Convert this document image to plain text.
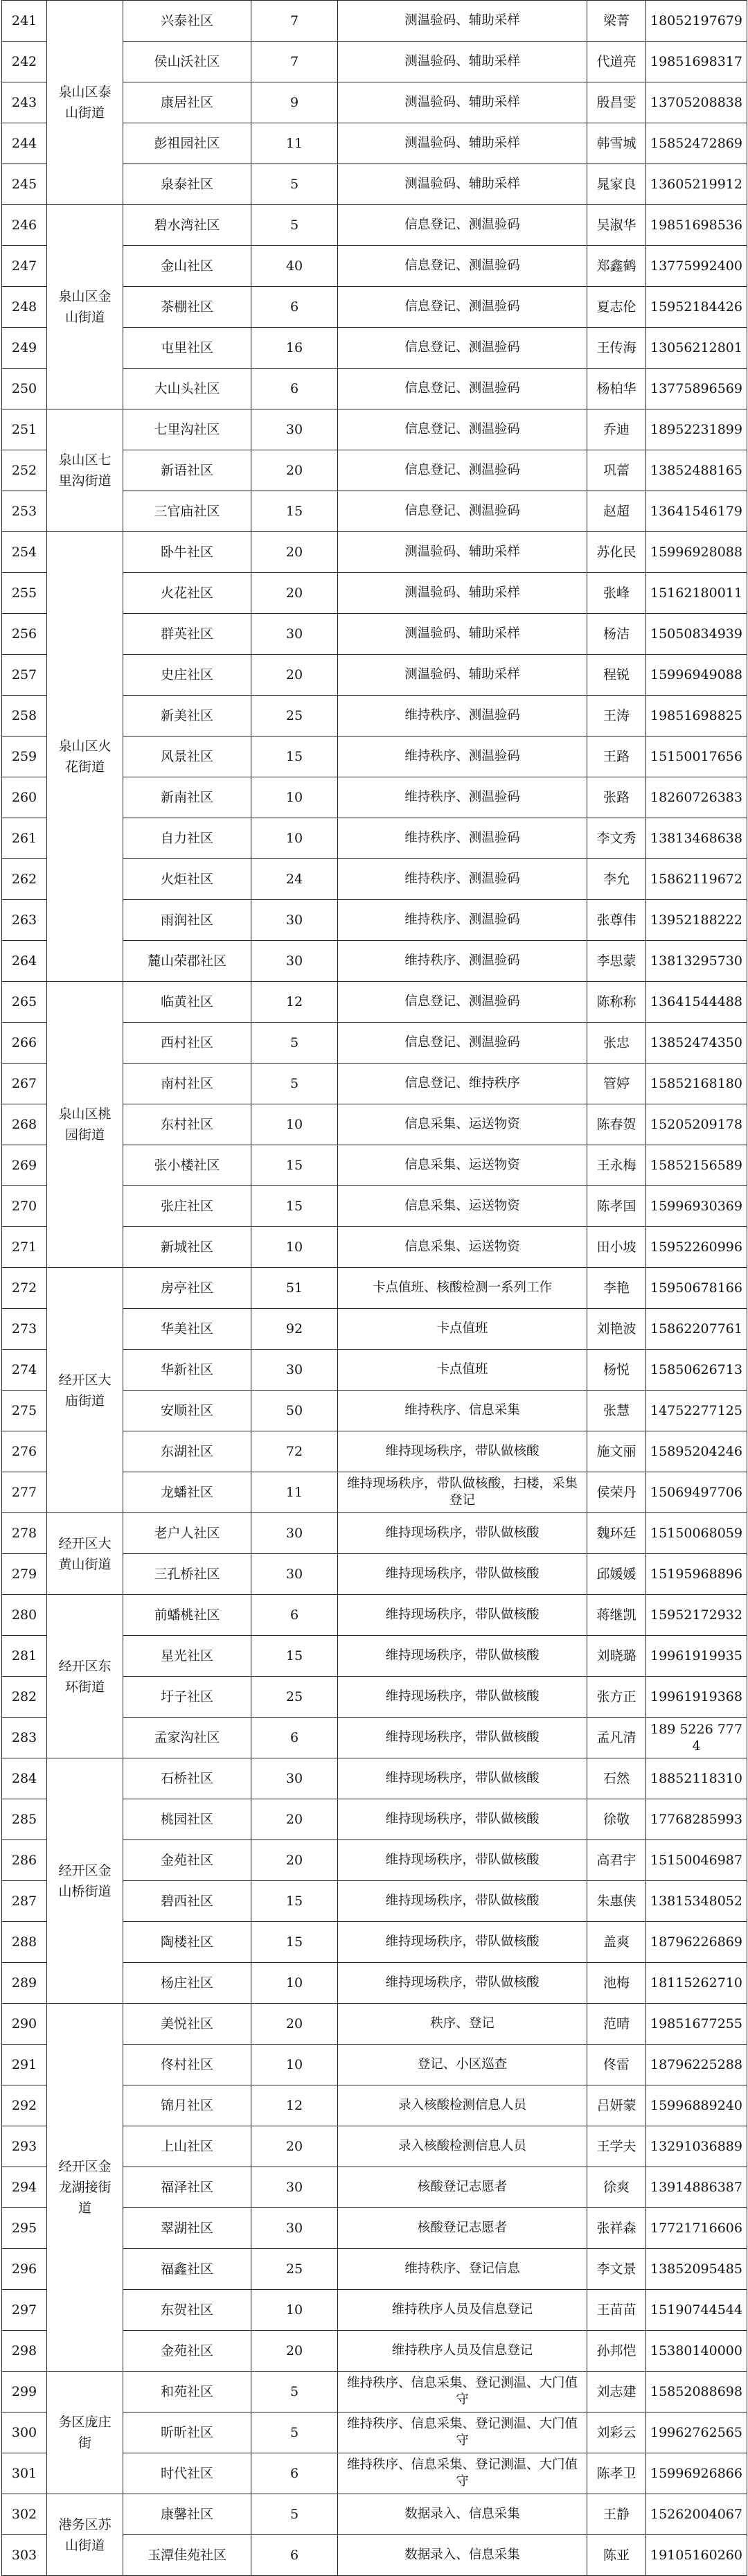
241	泉山区泰山街道	兴泰社区	7	测温验码、辅助采样	梁菁	18052197679
242		侯山沃社区	7	测温验码、辅助采样	代道亮	19851698317
243		康居社区	9	测温验码、辅助采样	殷昌雯	13705208838
244		彭祖园社区	11	测温验码、辅助采样	韩雪城	15852472869
245		泉泰社区	5	测温验码、辅助采样	晁家良	13605219912
246	泉山区金山街道	碧水湾社区	5	信息登记、测温验码	吴淑华	19851698536
247		金山社区	40	信息登记、测温验码	郑鑫鹤	13775992400
248		茶棚社区	6	信息登记、测温验码	夏志伦	15952184426
249		屯里社区	16	信息登记、测温验码	王传海	13056212801
250		大山头社区	6	信息登记、测温验码	杨柏华	13775896569
251	泉山区七里沟街道	七里沟社区	30	信息登记、测温验码	乔迪	18952231899
252		新语社区	20	信息登记、测温验码	巩蕾	13852488165
253		三官庙社区	15	信息登记、测温验码	赵超	13641546179
254	泉山区火花街道	卧牛社区	20	测温验码、辅助采样	苏化民	15996928088
255		火花社区	20	测温验码、辅助采样	张峰	15162180011
256		群英社区	30	测温验码、辅助采样	杨洁	15050834939
257		史庄社区	20	测温验码、辅助采样	程锐	15996949088
258		新美社区	25	维持秩序、测温验码	王涛	19851698825
259		风景社区	15	维持秩序、测温验码	王路	15150017656
260		新南社区	10	维持秩序、测温验码	张路	18260726383
261		自力社区	10	维持秩序、测温验码	李文秀	13813468638
262		火炬社区	24	维持秩序、测温验码	李允	15862119672
263		雨润社区	30	维持秩序、测温验码	张尊伟	13952188222
264		麓山荣郡社区	30	维持秩序、测温验码	李思蒙	13813295730
265	泉山区桃园街道	临黄社区	12	信息登记、测温验码	陈称称	13641544488
266		西村社区	5	信息登记、测温验码	张忠	13852474350
267		南村社区	5	信息登记、维持秩序	管婷	15852168180
268		东村社区	10	信息采集、运送物资	陈春贺	15205209178
269		张小楼社区	15	信息采集、运送物资	王永梅	15852156589
270		张庄社区	15	信息采集、运送物资	陈孝国	15996930369
271		新城社区	10	信息采集、运送物资	田小坡	15952260996
272	经开区大庙街道	房亭社区	51	卡点值班、核酸检测一系列工作	李艳	15950678166
273		华美社区	92	卡点值班	刘艳波	15862207761
274		华新社区	30	卡点值班	杨悦	15850626713
275		安顺社区	50	维持秩序、信息采集	张慧	14752277125
276		东湖社区	72	维持现场秩序，带队做核酸	施文丽	15895204246
277		龙蟠社区	11	维持现场秩序，带队做核酸，扫楼，采集登记	侯荣丹	15069497706
278	经开区大黄山街道	老户人社区	30	维持现场秩序，带队做核酸	魏环廷	15150068059
279		三孔桥社区	30	维持现场秩序，带队做核酸	邱媛媛	15195968896
280	经开区东环街道	前蟠桃社区	6	维持现场秩序，带队做核酸	蒋继凯	15952172932
281		星光社区	15	维持现场秩序，带队做核酸	刘晓璐	19961919935
282		圩子社区	25	维持现场秩序，带队做核酸	张方正	19961919368
283		孟家沟社区	6	维持现场秩序，带队做核酸	孟凡清	189 5226 7774
284	经开区金山桥街道	石桥社区	30	维持现场秩序，带队做核酸	石然	18852118310
285		桃园社区	20	维持现场秩序，带队做核酸	徐敬	17768285993
286		金苑社区	20	维持现场秩序，带队做核酸	高君宇	15150046987
287		碧西社区	15	维持现场秩序，带队做核酸	朱惠侠	13815348052
288		陶楼社区	15	维持现场秩序，带队做核酸	盖爽	18796226869
289		杨庄社区	10	维持现场秩序，带队做核酸	池梅	18115262710
290	经开区金龙湖接街道	美悦社区	20	秩序、登记	范晴	19851677255
291		佟村社区	10	登记、小区巡查	佟雷	18796225288
292		锦月社区	12	录入核酸检测信息人员	吕妍蒙	15996889240
293		上山社区	20	录入核酸检测信息人员	王学夫	13291036889
294		福泽社区	30	核酸登记志愿者	徐爽	13914886387
295		翠湖社区	30	核酸登记志愿者	张祥森	17721716606
296		福鑫社区	25	维持秩序、登记信息	李文景	13852095485
297		东贺社区	10	维持秩序人员及信息登记	王苗苗	15190744544
298		金苑社区	20	维持秩序人员及信息登记	孙邦恺	15380140000
299	务区庞庄街	和苑社区	5	维持秩序、信息采集、登记测温、大门值守	刘志建	15852088698
300		昕昕社区	5	维持秩序、信息采集、登记测温、大门值守	刘彩云	19962762565
301		时代社区	6	维持秩序、信息采集、登记测温、大门值守	陈孝卫	15996926866
302	港务区苏山街道	康馨社区	5	数据录入、信息采集	王静	15262004067
303		玉潭佳苑社区	6	数据录入、信息采集	陈亚	19105160260
